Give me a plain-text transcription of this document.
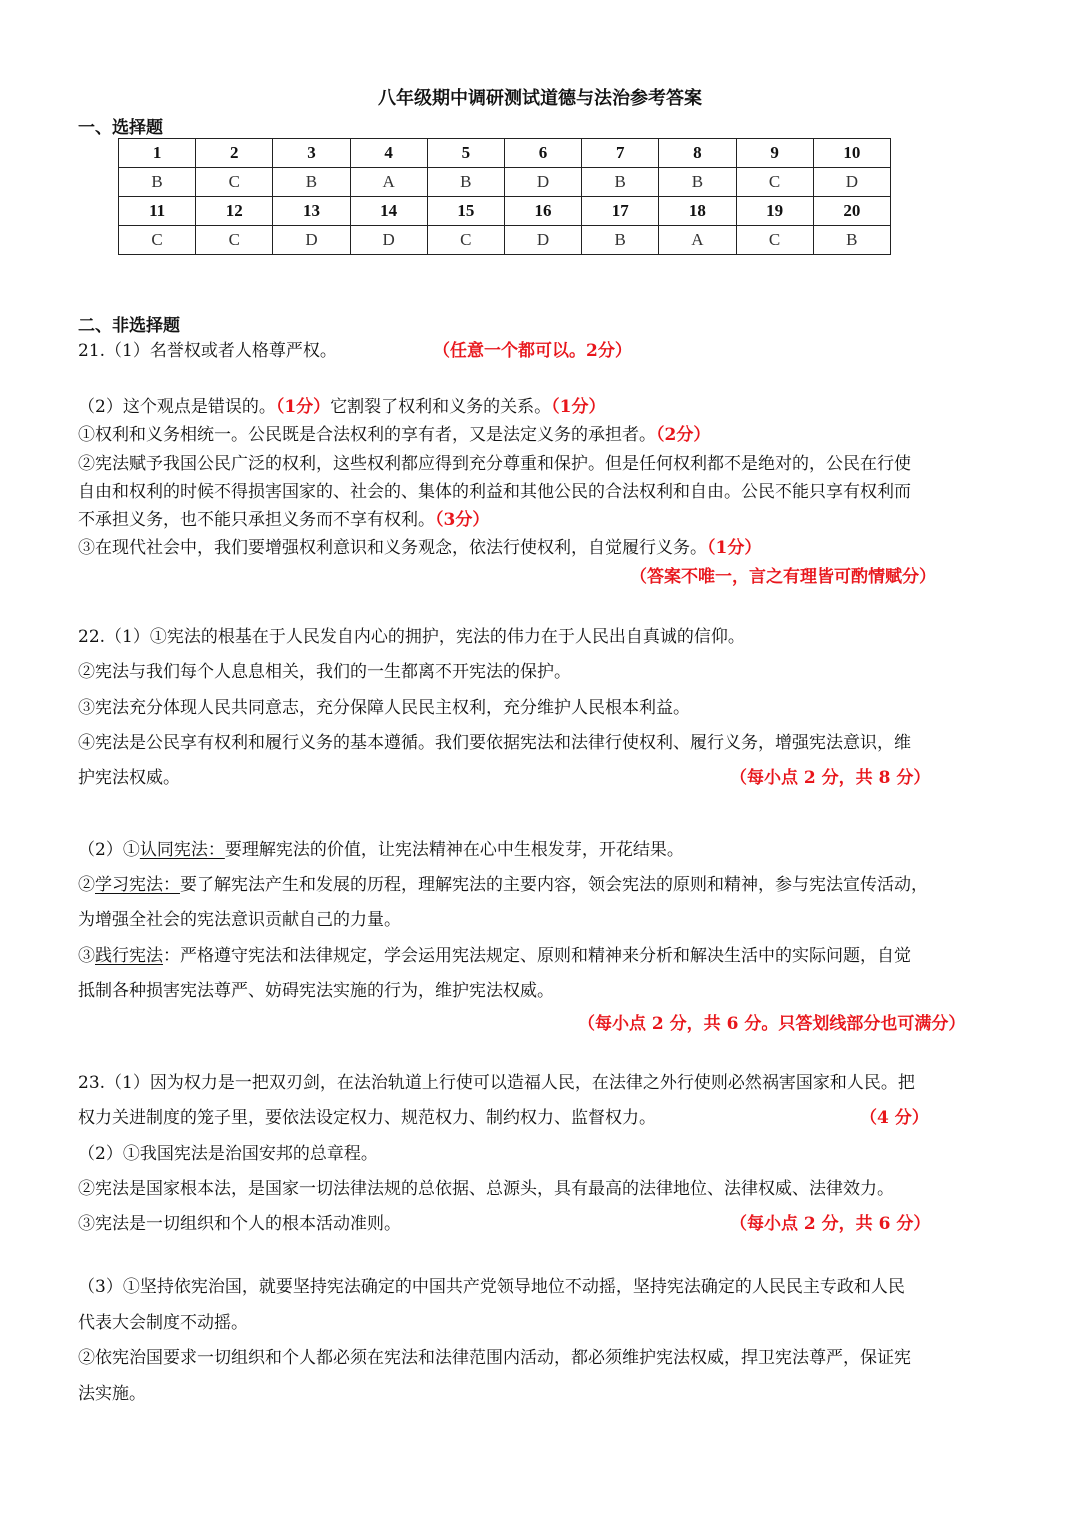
八年级期中调研测试道德与法治参考答案
一、选择题
1	2	3	4	5	6	7	8	9	10
B	C	B	A	B	D	B	B	C	D
11	12	13	14	15	16	17	18	19	20
C	C	D	D	C	D	B	A	C	B
二、非选择题
21.（1）名誉权或者人格尊严权。	（任意一个都可以。2分）
（2）这个观点是错误的。（1分）它割裂了权利和义务的关系。（1分）
①权利和义务相统一。公民既是合法权利的享有者，又是法定义务的承担者。（2分）
②宪法赋予我国公民广泛的权利，这些权利都应得到充分尊重和保护。但是任何权利都不是绝对的，公民在行使
自由和权利的时候不得损害国家的、社会的、集体的利益和其他公民的合法权利和自由。公民不能只享有权利而
不承担义务，也不能只承担义务而不享有权利。（3分）
③在现代社会中，我们要增强权利意识和义务观念，依法行使权利，自觉履行义务。（1分）
（答案不唯一，言之有理皆可酌情赋分）
22.（1）①宪法的根基在于人民发自内心的拥护，宪法的伟力在于人民出自真诚的信仰。
②宪法与我们每个人息息相关，我们的一生都离不开宪法的保护。
③宪法充分体现人民共同意志，充分保障人民民主权利，充分维护人民根本利益。
④宪法是公民享有权利和履行义务的基本遵循。我们要依据宪法和法律行使权利、履行义务，增强宪法意识，维
护宪法权威。	（每小点 2 分，共 8 分）
（2）①认同宪法：要理解宪法的价值，让宪法精神在心中生根发芽，开花结果。
②学习宪法：要了解宪法产生和发展的历程，理解宪法的主要内容，领会宪法的原则和精神，参与宪法宣传活动，
为增强全社会的宪法意识贡献自己的力量。
③践行宪法：严格遵守宪法和法律规定，学会运用宪法规定、原则和精神来分析和解决生活中的实际问题，自觉
抵制各种损害宪法尊严、妨碍宪法实施的行为，维护宪法权威。
（每小点 2 分，共 6 分。只答划线部分也可满分）
23.（1）因为权力是一把双刃剑，在法治轨道上行使可以造福人民，在法律之外行使则必然祸害国家和人民。把
权力关进制度的笼子里，要依法设定权力、规范权力、制约权力、监督权力。	（4 分）
（2）①我国宪法是治国安邦的总章程。
②宪法是国家根本法，是国家一切法律法规的总依据、总源头，具有最高的法律地位、法律权威、法律效力。
③宪法是一切组织和个人的根本活动准则。	（每小点 2 分，共 6 分）
（3）①坚持依宪治国，就要坚持宪法确定的中国共产党领导地位不动摇，坚持宪法确定的人民民主专政和人民
代表大会制度不动摇。
②依宪治国要求一切组织和个人都必须在宪法和法律范围内活动，都必须维护宪法权威，捍卫宪法尊严，保证宪
法实施。
